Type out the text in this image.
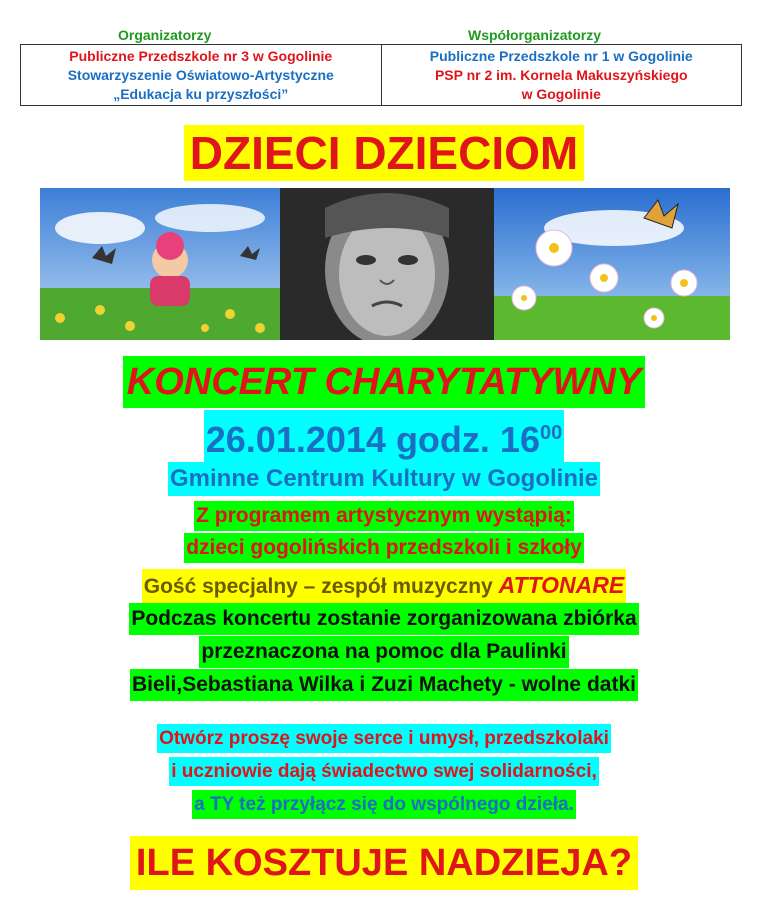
Organizatorzy	Współorganizatorzy
Publiczne Przedszkole nr 3 w Gogolinie
Stowarzyszenie Oświatowo-Artystyczne
„Edukacja ku przyszłości”
Publiczne Przedszkole nr 1 w Gogolinie
PSP nr 2 im. Kornela Makuszyńskiego
w Gogolinie
DZIECI DZIECIOM
KONCERT CHARYTATYWNY
26.01.2014 godz. $16^{00}$
Gminne Centrum Kultury w Gogolinie
Z programem artystycznym wystąpią:
dzieci gogolińskich przedszkoli i szkoły
Gość specjalny – zespół muzyczny ATTONARE
Podczas koncertu zostanie zorganizowana zbiórka
przeznaczona na pomoc dla Paulinki
Bieli,Sebastiana Wilka i Zuzi Machety - wolne datki
Otwórz proszę swoje serce i umysł, przedszkolaki
i uczniowie dają świadectwo swej solidarności,
a TY też przyłącz się do wspólnego dzieła.
ILE KOSZTUJE NADZIEJA?
